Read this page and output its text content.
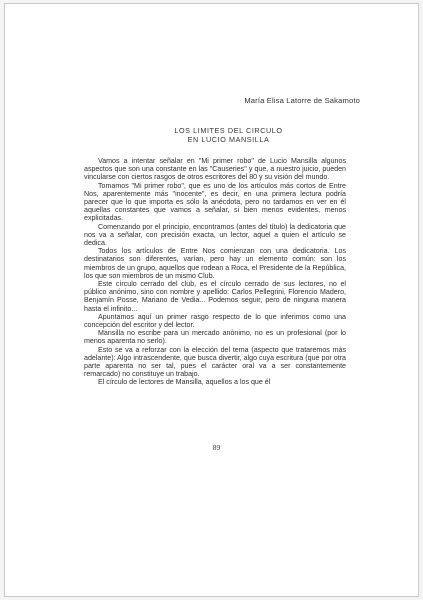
María Elisa Latorre de Sakamoto
LOS LIMITES DEL CIRCULO
EN LUCIO MANSILLA

Vamos a intentar señalar en "Mi primer robo" de Lucio Mansilla algunos aspectos que son una constante en las "Causeries" y que, a nuestro juicio, pueden vincularse con ciertos rasgos de otros escritores del 80 y su visión del mundo.

Tomamos "Mi primer robo", que es uno de los artículos más cortos de Entre Nos, aparentemente más "inocente", es decir, en una primera lectura podría parecer que lo que importa es sólo la anécdota, pero no tardamos en ver en él aquellas constantes que vamos a señalar, si bien menos evidentes, menos explicitadas.

Comenzando por el principio, encontramos (antes del título) la dedicatoria que nos va a señalar, con precisión exacta, un lector, aquel a quien el artículo se dedica.

Todos los artículos de Entre Nos comienzan con una dedicatoria. Los destinatarios son diferentes, varían, pero hay un elemento común: son los miembros de un grupo, aquellos que rodean a Roca, el Presidente de la República, los que son miembros de un mismo Club.

Este círculo cerrado del club, es el círculo cerrado de sus lectores, no el público anónimo, sino con nombre y apellido: Carlos Pellegrini, Florencio Madero, Benjamín Posse, Mariano de Vedia... Podemos seguir, pero de ninguna manera hasta el infinito...

Apuntamos aquí un primer rasgo respecto de lo que inferimos como una concepción del escritor y del lector.

Mansilla no escribe para un mercado anónimo, no es un profesional (por lo menos aparenta no serlo).

Esto se va a reforzar con la elección del tema (aspecto que trataremos más adelante): Algo intrascendente, que busca divertir, algo cuya escritura (que por otra parte aparenta no ser tal, pues el carácter oral va a ser constantemente remarcado) no constituye un trabajo.

El círculo de lectores de Mansilla, aquellos a los que él

89
